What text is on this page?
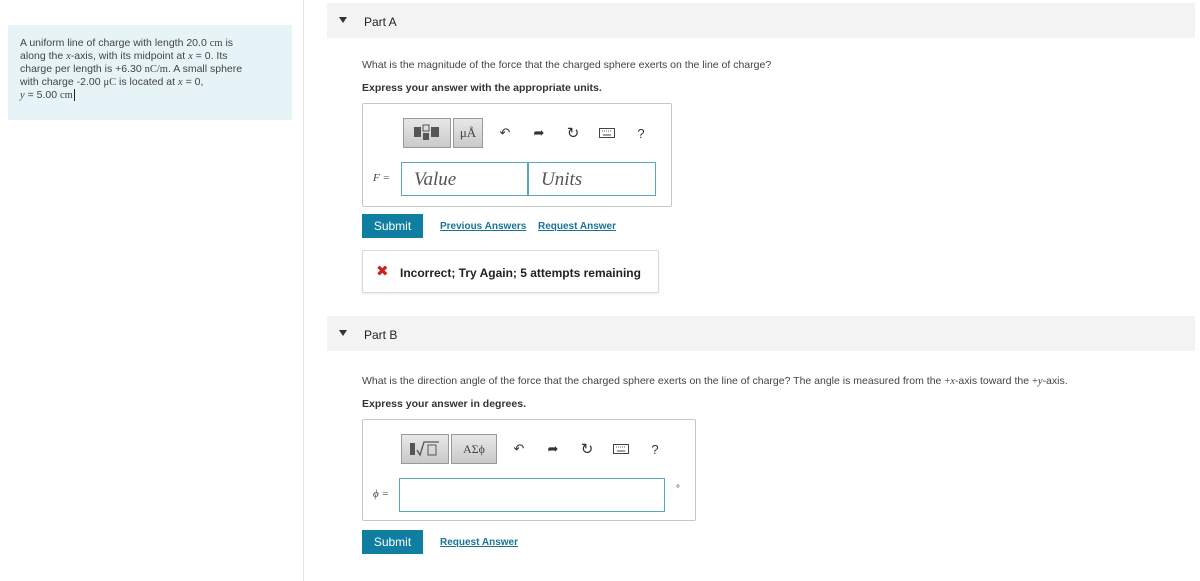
A uniform line of charge with length 20.0 cm is
along the x-axis, with its midpoint at x = 0. Its
charge per length is +6.30 nC/m. A small sphere
with charge -2.00 μC is located at x = 0,
y = 5.00 cm
Part A
What is the magnitude of the force that the charged sphere exerts on the line of charge?
Express your answer with the appropriate units.
μÅ	↶	➦	↻	?
F =	Value	Units
Submit	Previous Answers Request Answer
✖ Incorrect; Try Again; 5 attempts remaining
Part B
What is the direction angle of the force that the charged sphere exerts on the line of charge? The angle is measured from the +x-axis toward the +y-axis.
Express your answer in degrees.
ΑΣϕ	↶	➦	↻	?
ϕ =	°
Submit	Request Answer
